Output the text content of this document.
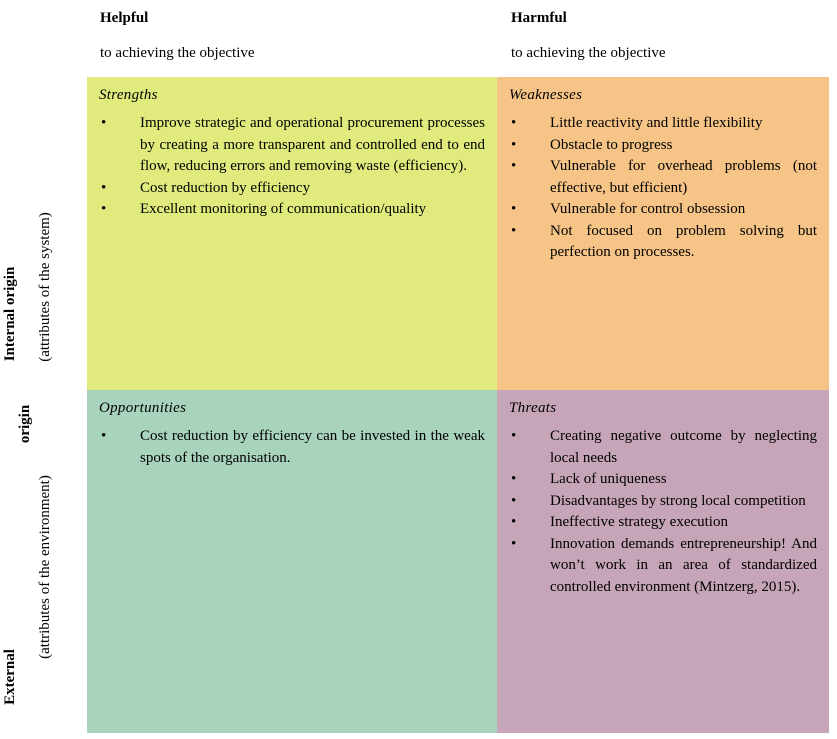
Helpful
to achieving the objective
Harmful
to achieving the objective
Internal origin (attributes of the system)
origin
External
(attributes of the environment)
Strengths
• Improve strategic and operational procurement processes by creating a more transparent and controlled end to end flow, reducing errors and removing waste (efficiency).
• Cost reduction by efficiency
• Excellent monitoring of communication/quality
Weaknesses
• Little reactivity and little flexibility
• Obstacle to progress
• Vulnerable for overhead problems (not effective, but efficient)
• Vulnerable for control obsession
• Not focused on problem solving but perfection on processes.
Opportunities
• Cost reduction by efficiency can be invested in the weak spots of the organisation.
Threats
• Creating negative outcome by neglecting local needs
• Lack of uniqueness
• Disadvantages by strong local competition
• Ineffective strategy execution
• Innovation demands entrepreneurship! And won’t work in an area of standardized controlled environment (Mintzerg, 2015).
